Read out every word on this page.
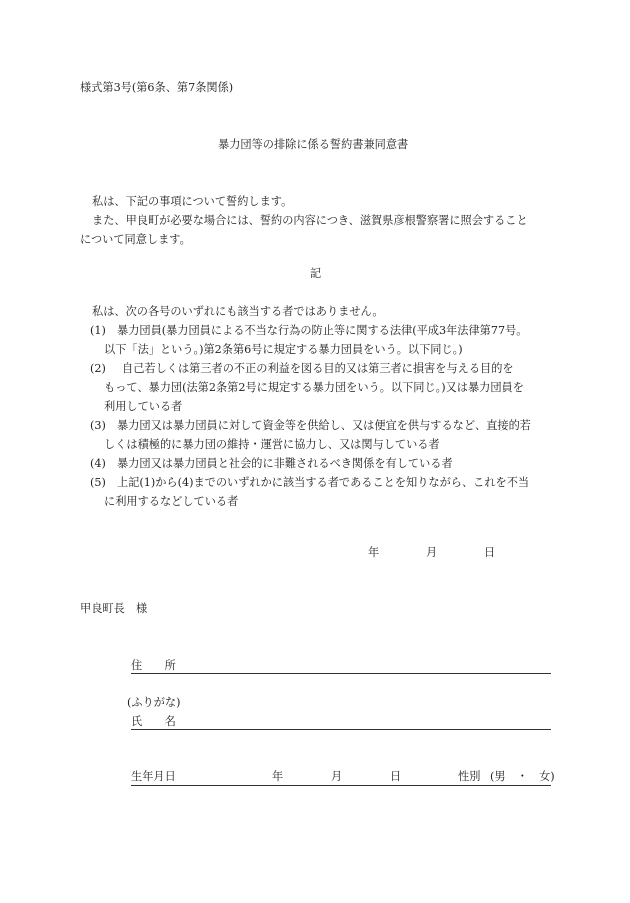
様式第3号(第6条、第7条関係)
暴力団等の排除に係る誓約書兼同意書
私は、下記の事項について誓約します。
また、甲良町が必要な場合には、誓約の内容につき、滋賀県彦根警察署に照会すること
について同意します。
記
私は、次の各号のいずれにも該当する者ではありません。
(1) 暴力団員(暴力団員による不当な行為の防止等に関する法律(平成3年法律第77号。
以下「法」という。)第2条第6号に規定する暴力団員をいう。以下同じ。)
(2) 自己若しくは第三者の不正の利益を図る目的又は第三者に損害を与える目的を
もって、暴力団(法第2条第2号に規定する暴力団をいう。以下同じ。)又は暴力団員を
利用している者
(3) 暴力団又は暴力団員に対して資金等を供給し、又は便宜を供与するなど、直接的若
しくは積極的に暴力団の維持・運営に協力し、又は関与している者
(4) 暴力団又は暴力団員と社会的に非難されるべき関係を有している者
(5) 上記(1)から(4)までのいずれかに該当する者であることを知りながら、これを不当
に利用するなどしている者
年	月	日
甲良町長　様
住　　所
(ふりがな)
氏　　名
生年月日	年	月	日	性別 (男　・　女)
